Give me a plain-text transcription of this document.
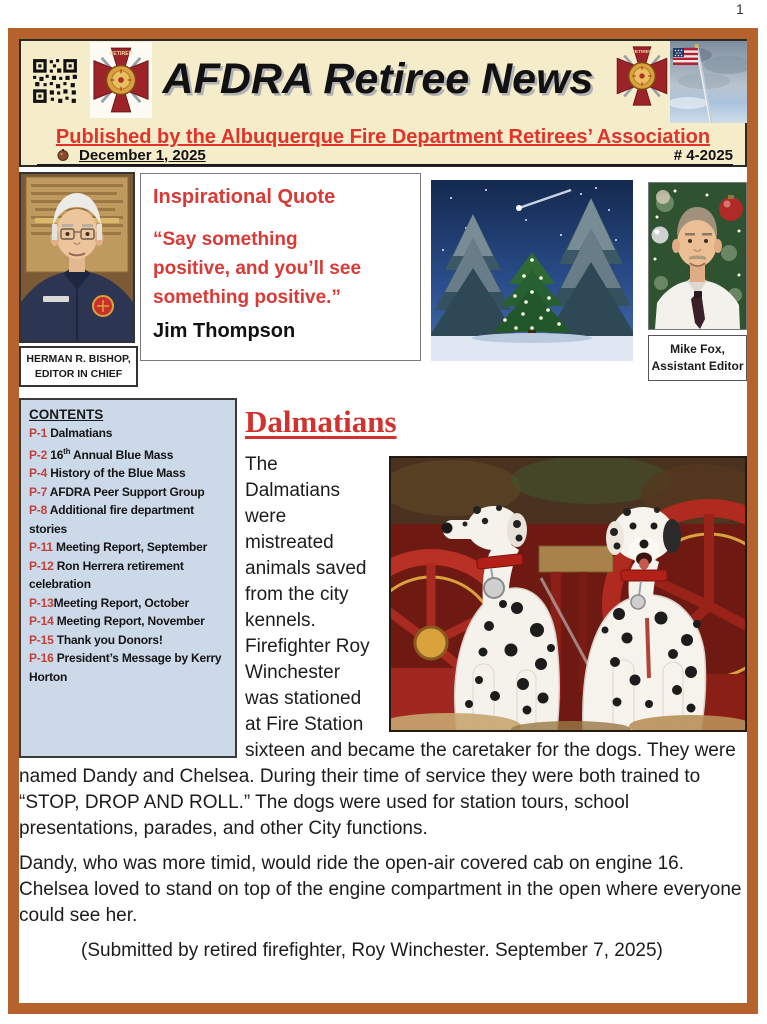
1
RETIRED
AFDRA Retiree News
RETIRED
Published by the Albuquerque Fire Department Retirees’ Association
December 1, 2025	# 4-2025
HERMAN R. BISHOP,
EDITOR IN CHIEF
Inspirational Quote
“Say something
positive, and you’ll see
something positive.”
Jim Thompson
Mike Fox,
Assistant Editor
CONTENTS
P-1 Dalmatians
P-2 16th Annual Blue Mass
P-4 History of the Blue Mass
P-7 AFDRA Peer Support Group
P-8 Additional fire department stories
P-11 Meeting Report, September
P-12 Ron Herrera retirement celebration
P-13Meeting Report, October
P-14 Meeting Report, November
P-15 Thank you Donors!
P-16 President’s Message by Kerry Horton
Dalmatians

The Dalmatians were mistreated animals saved from the city kennels. Firefighter Roy Winchester was stationed at Fire Station sixteen and became the caretaker for the dogs. They were named Dandy and Chelsea. During their time of service they were both trained to “STOP, DROP AND ROLL.” The dogs were used for station tours, school presentations, parades, and other City functions.

Dandy, who was more timid, would ride the open-air covered cab on engine 16. Chelsea loved to stand on top of the engine compartment in the open where everyone could see her.

(Submitted by retired firefighter, Roy Winchester. September 7, 2025)
